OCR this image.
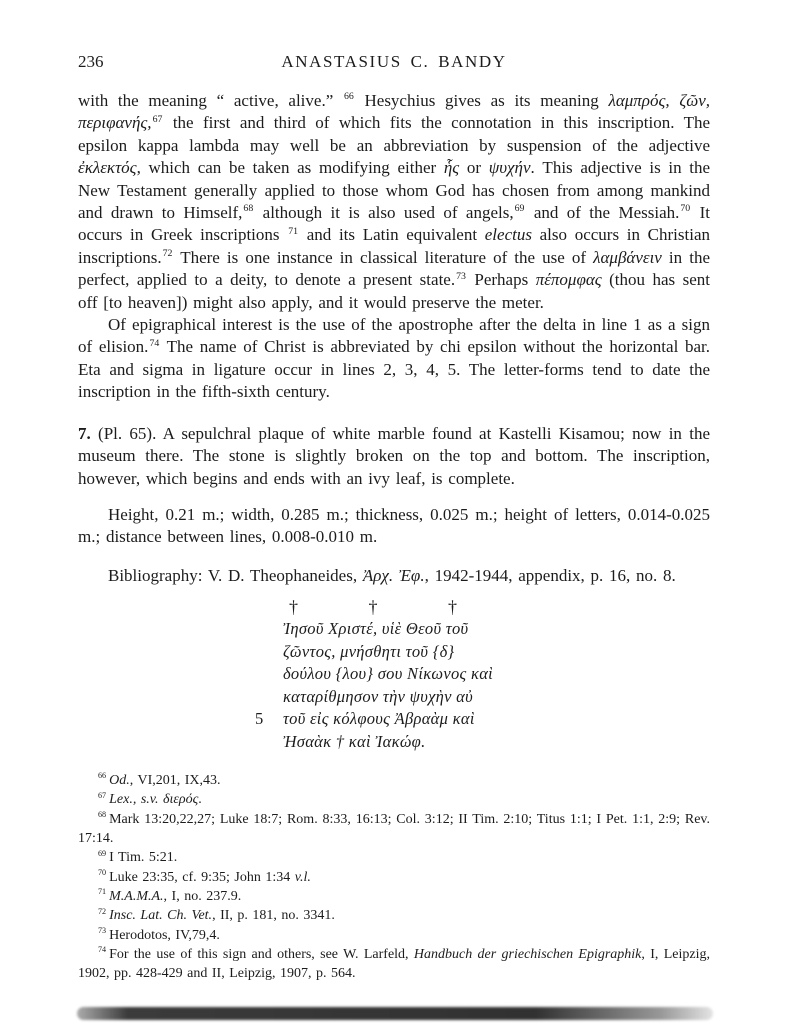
236	ANASTASIUS C. BANDY

with the meaning “ active, alive.” $^{66}$ Hesychius gives as its meaning λαμπρός, ζῶν, περιφανής,$^{67}$ the first and third of which fits the connotation in this inscription. The epsilon kappa lambda may well be an abbreviation by suspension of the adjective ἐκλεκτός, which can be taken as modifying either ἧς or ψυχήν. This adjective is in the New Testament generally applied to those whom God has chosen from among mankind and drawn to Himself,$^{68}$ although it is also used of angels,$^{69}$ and of the Messiah.$^{70}$ It occurs in Greek inscriptions $^{71}$ and its Latin equivalent electus also occurs in Christian inscriptions.$^{72}$ There is one instance in classical literature of the use of λαμβάνειν in the perfect, applied to a deity, to denote a present state.$^{73}$ Perhaps πέπομφας (thou has sent off [to heaven]) might also apply, and it would preserve the meter.

Of epigraphical interest is the use of the apostrophe after the delta in line 1 as a sign of elision.$^{74}$ The name of Christ is abbreviated by chi epsilon without the horizontal bar. Eta and sigma in ligature occur in lines 2, 3, 4, 5. The letter-forms tend to date the inscription in the fifth-sixth century.

7. (Pl. 65). A sepulchral plaque of white marble found at Kastelli Kisamou; now in the museum there. The stone is slightly broken on the top and bottom. The inscription, however, which begins and ends with an ivy leaf, is complete.

Height, 0.21 m.; width, 0.285 m.; thickness, 0.025 m.; height of letters, 0.014-0.025 m.; distance between lines, 0.008-0.010 m.

Bibliography: V. D. Theophaneides, Ἀρχ. Ἐφ., 1942-1944, appendix, p. 16, no. 8.

†	†	†
Ἰησοῦ Χριστέ, υἱὲ Θεοῦ τοῦ
ζῶντος, μνήσθητι τοῦ {δ}
δούλου {λου} σου Νίκωνος καὶ
καταρίθμησον τὴν ψυχὴν αὐ
5 τοῦ εἰς κόλφους Ἀβραὰμ καὶ
Ἠσαὰκ † καὶ Ἰακώφ.

$^{66}$ Od., VI,201, IX,43.

$^{67}$ Lex., s.v. διερός.

$^{68}$ Mark 13:20,22,27; Luke 18:7; Rom. 8:33, 16:13; Col. 3:12; II Tim. 2:10; Titus 1:1; I Pet. 1:1, 2:9; Rev. 17:14.

$^{69}$ I Tim. 5:21.

$^{70}$ Luke 23:35, cf. 9:35; John 1:34 v.l.

$^{71}$ M.A.M.A., I, no. 237.9.

$^{72}$ Insc. Lat. Ch. Vet., II, p. 181, no. 3341.

$^{73}$ Herodotos, IV,79,4.

$^{74}$ For the use of this sign and others, see W. Larfeld, Handbuch der griechischen Epigraphik, I, Leipzig, 1902, pp. 428-429 and II, Leipzig, 1907, p. 564.
